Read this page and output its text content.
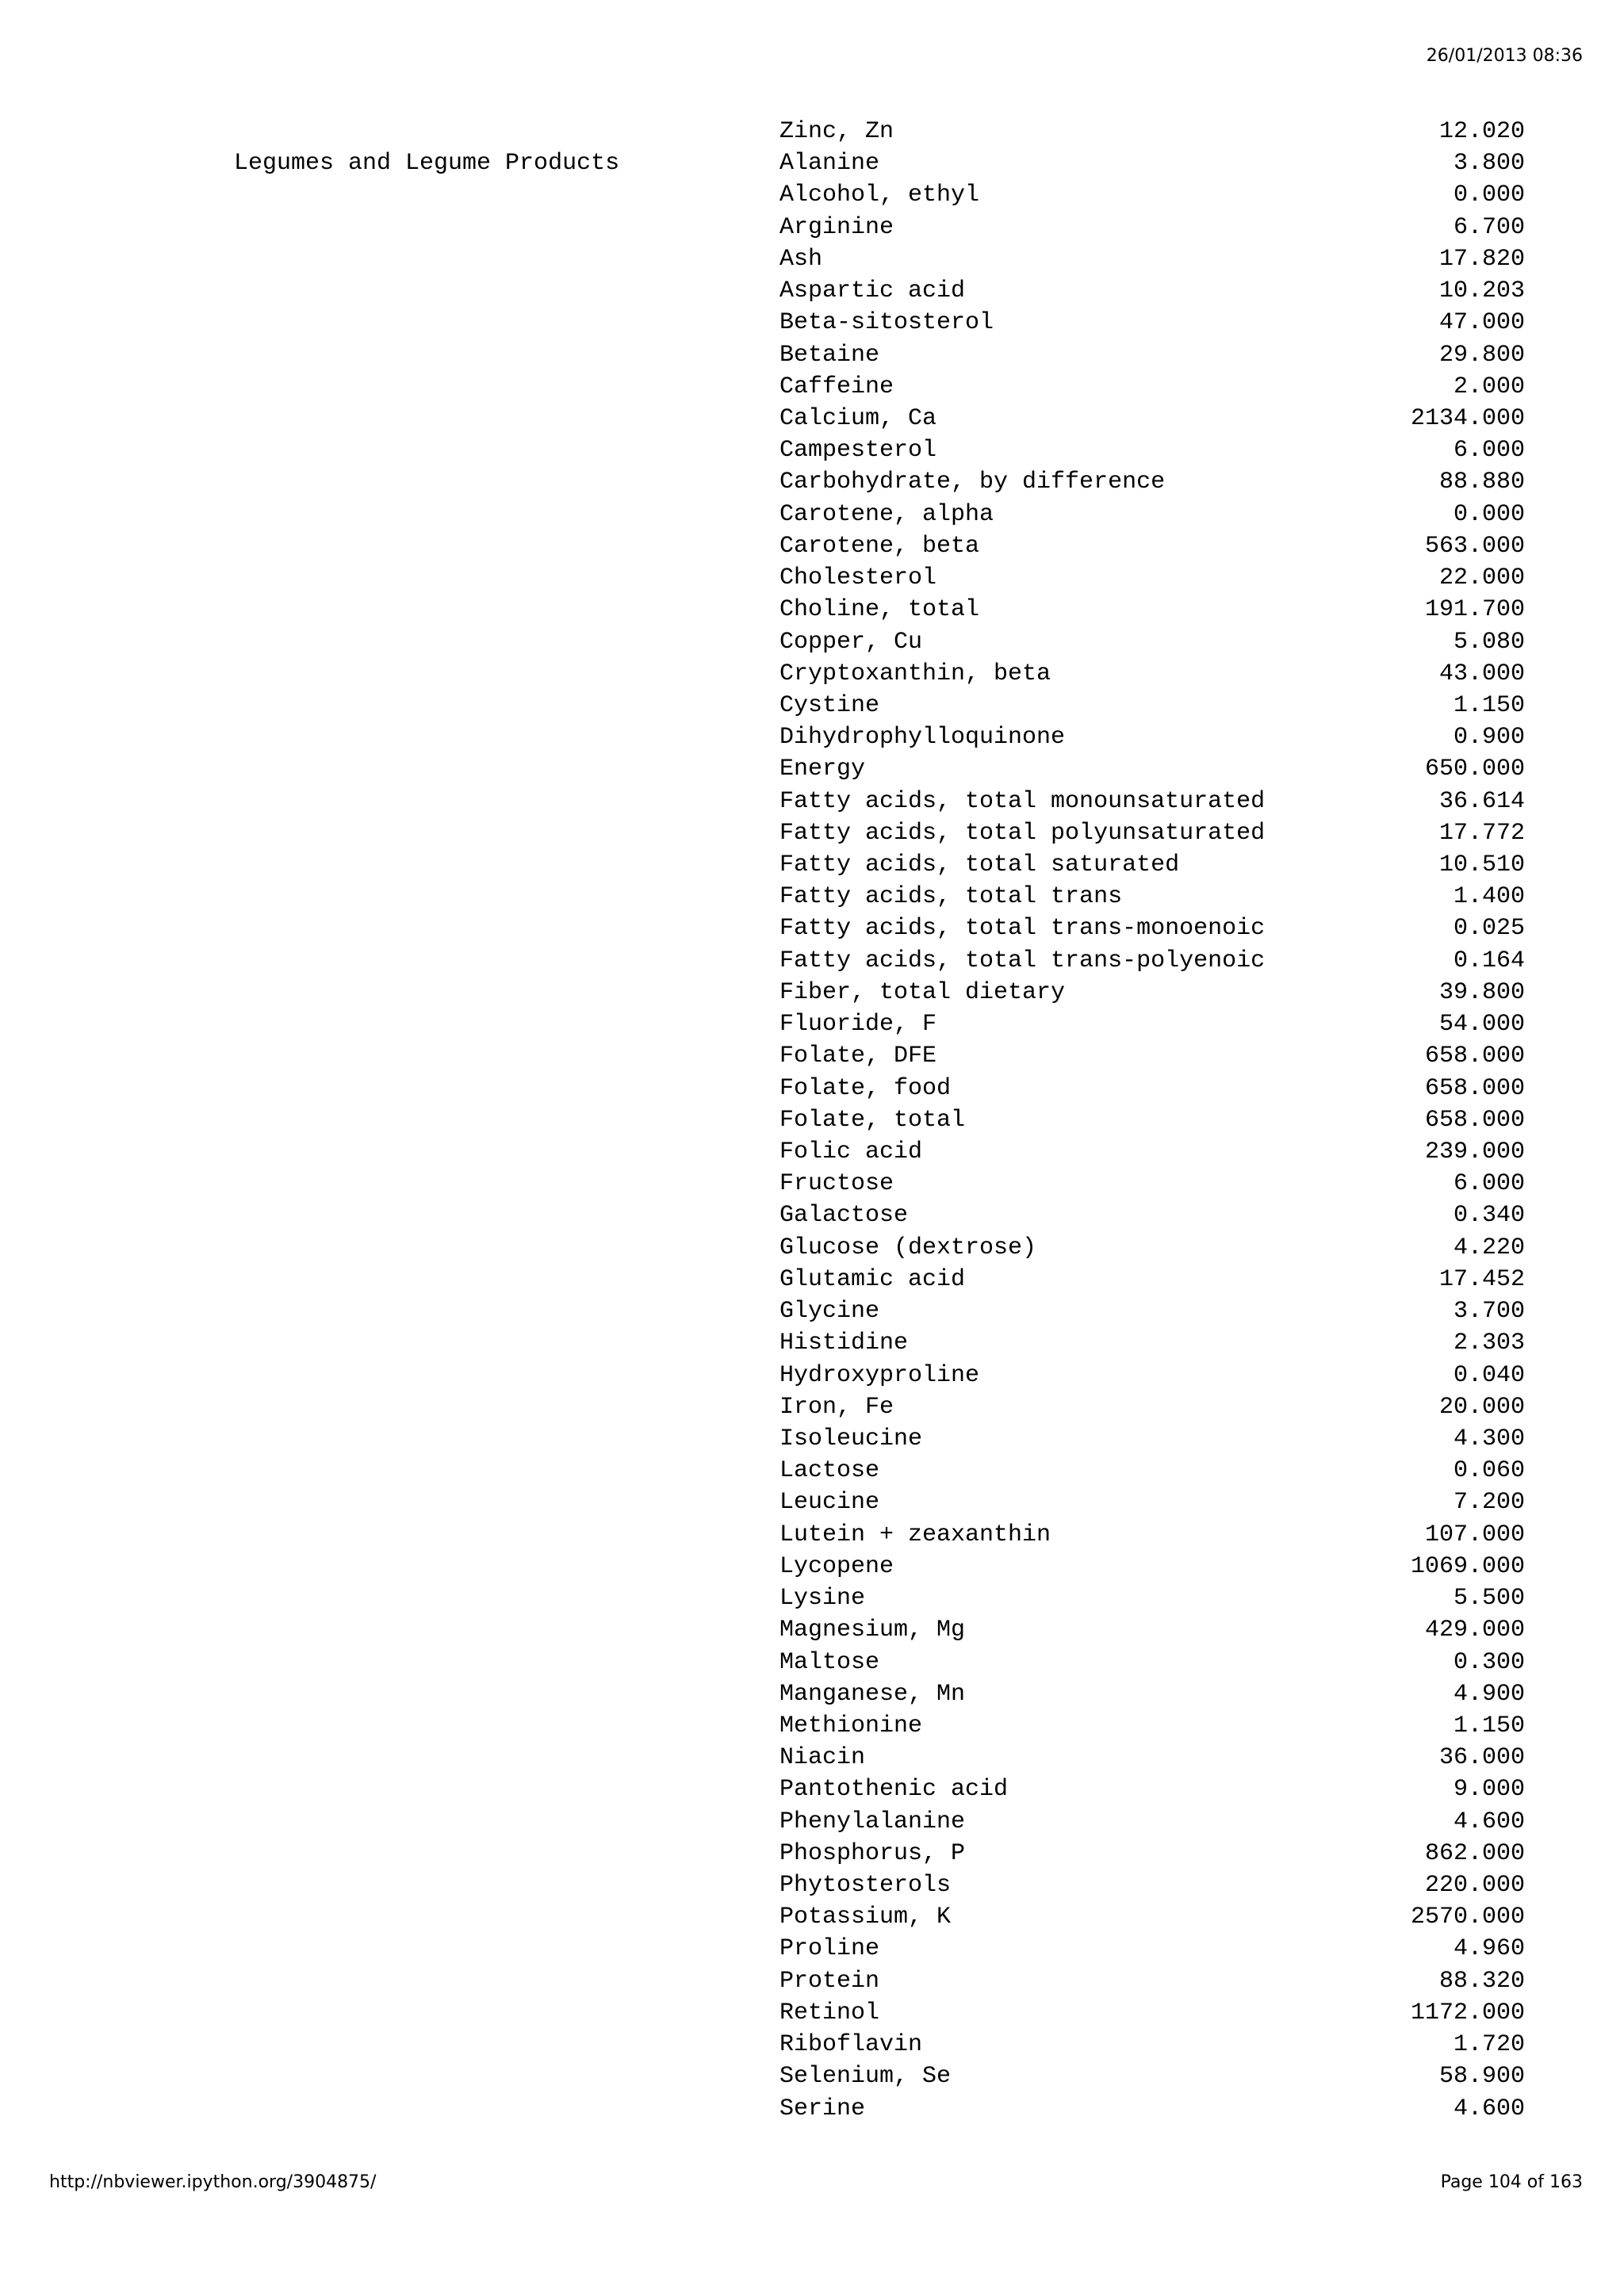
26/01/2013 08:36
Legumes and Legume Products
Zinc, Zn	12.020
Alanine	3.800
Alcohol, ethyl	0.000
Arginine	6.700
Ash	17.820
Aspartic acid	10.203
Beta-sitosterol	47.000
Betaine	29.800
Caffeine	2.000
Calcium, Ca	2134.000
Campesterol	6.000
Carbohydrate, by difference	88.880
Carotene, alpha	0.000
Carotene, beta	563.000
Cholesterol	22.000
Choline, total	191.700
Copper, Cu	5.080
Cryptoxanthin, beta	43.000
Cystine	1.150
Dihydrophylloquinone	0.900
Energy	650.000
Fatty acids, total monounsaturated	36.614
Fatty acids, total polyunsaturated	17.772
Fatty acids, total saturated	10.510
Fatty acids, total trans	1.400
Fatty acids, total trans-monoenoic	0.025
Fatty acids, total trans-polyenoic	0.164
Fiber, total dietary	39.800
Fluoride, F	54.000
Folate, DFE	658.000
Folate, food	658.000
Folate, total	658.000
Folic acid	239.000
Fructose	6.000
Galactose	0.340
Glucose (dextrose)	4.220
Glutamic acid	17.452
Glycine	3.700
Histidine	2.303
Hydroxyproline	0.040
Iron, Fe	20.000
Isoleucine	4.300
Lactose	0.060
Leucine	7.200
Lutein + zeaxanthin	107.000
Lycopene	1069.000
Lysine	5.500
Magnesium, Mg	429.000
Maltose	0.300
Manganese, Mn	4.900
Methionine	1.150
Niacin	36.000
Pantothenic acid	9.000
Phenylalanine	4.600
Phosphorus, P	862.000
Phytosterols	220.000
Potassium, K	2570.000
Proline	4.960
Protein	88.320
Retinol	1172.000
Riboflavin	1.720
Selenium, Se	58.900
Serine	4.600
http://nbviewer.ipython.org/3904875/	Page 104 of 163
